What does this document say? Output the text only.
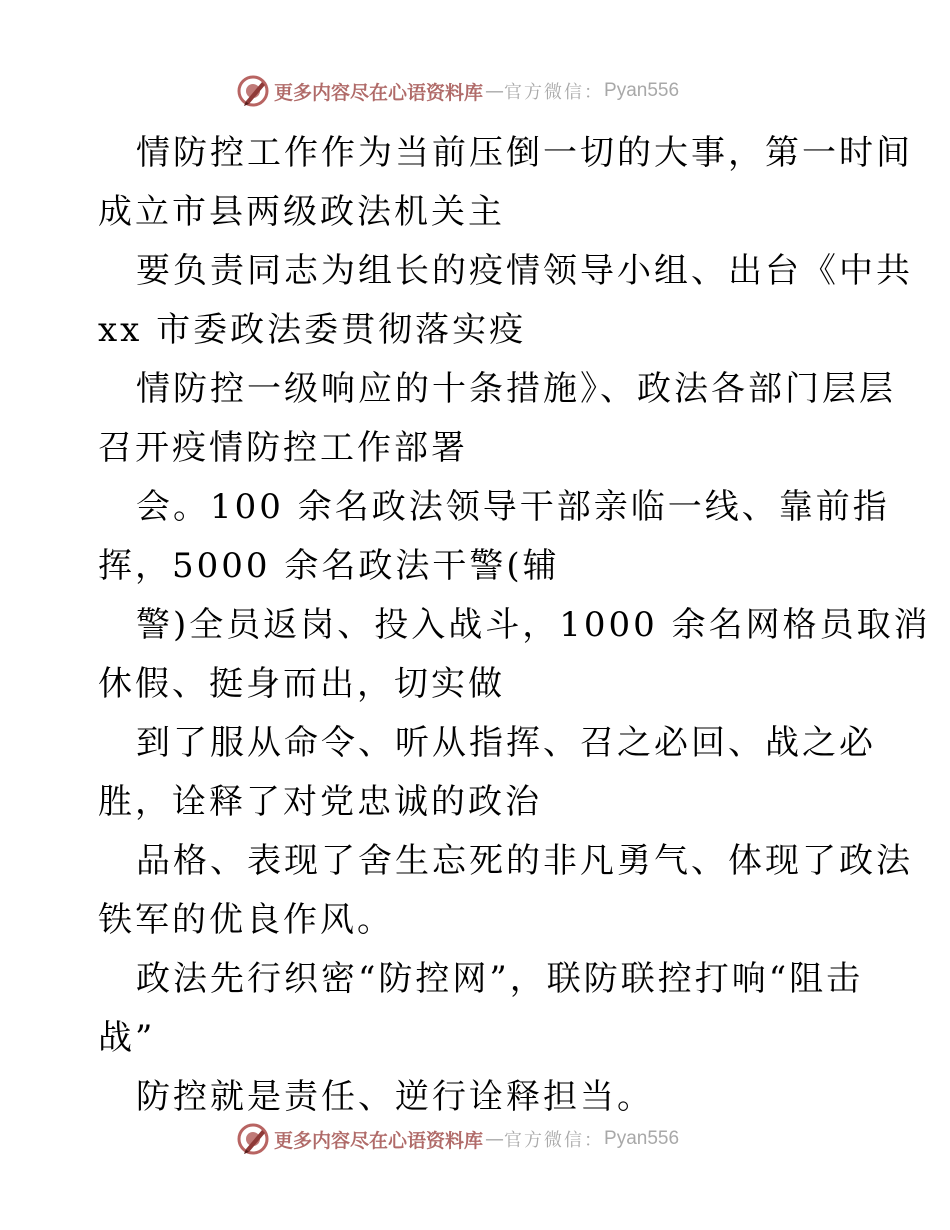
更多内容尽在心语资料库 — 官方微信： Pyan556

情防控工作作为当前压倒一切的大事，第一时间
成立市县两级政法机关主

要负责同志为组长的疫情领导小组、出台《中共
xx 市委政法委贯彻落实疫

情防控一级响应的十条措施》、政法各部门层层
召开疫情防控工作部署

会。100 余名政法领导干部亲临一线、靠前指
挥，5000 余名政法干警(辅

警)全员返岗、投入战斗，1000 余名网格员取消
休假、挺身而出，切实做

到了服从命令、听从指挥、召之必回、战之必
胜，诠释了对党忠诚的政治

品格、表现了舍生忘死的非凡勇气、体现了政法
铁军的优良作风。

政法先行织密“防控网”，联防联控打响“阻击
战”

防控就是责任、逆行诠释担当。

更多内容尽在心语资料库 — 官方微信： Pyan556
